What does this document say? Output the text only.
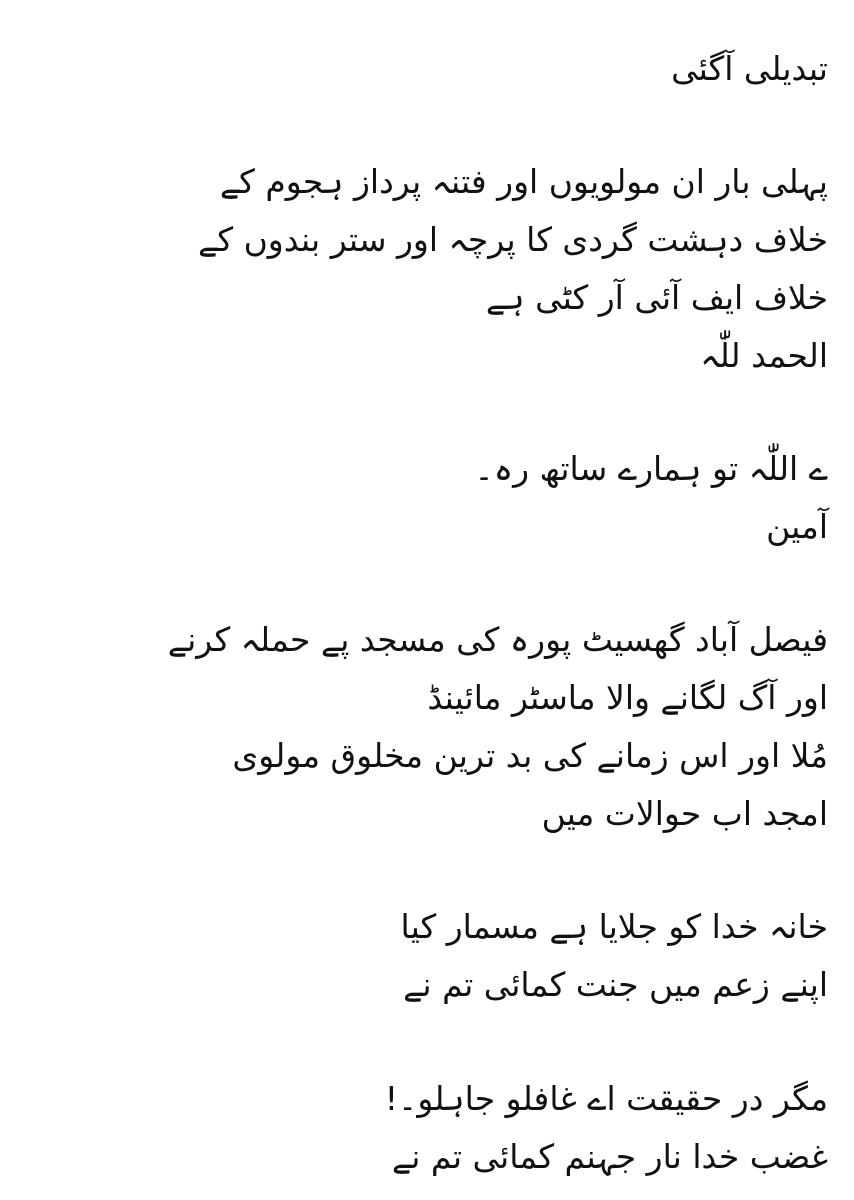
تبدیلی آگئی
پہلی بار ان مولویوں اور فتنہ پرداز ہجوم کے
خلاف دہشت گردی کا پرچہ اور ستر بندوں کے
خلاف ایف آئی آر کٹی ہے
الحمد للّٰہ
ے اللّٰہ تو ہمارے ساتھ رہ۔
آمین
فیصل آباد گھسیٹ پورہ کی مسجد پے حملہ کرنے
اور آگ لگانے والا ماسٹر مائینڈ
مُلا اور اس زمانے کی بد ترین مخلوق مولوی
امجد اب حوالات میں
خانہ خدا کو جلایا ہے مسمار کیا
اپنے زعم میں جنت کمائی تم نے
مگر در حقیقت اے غافلو جاہلو۔!
غضب خدا نار جہنم کمائی تم نے
